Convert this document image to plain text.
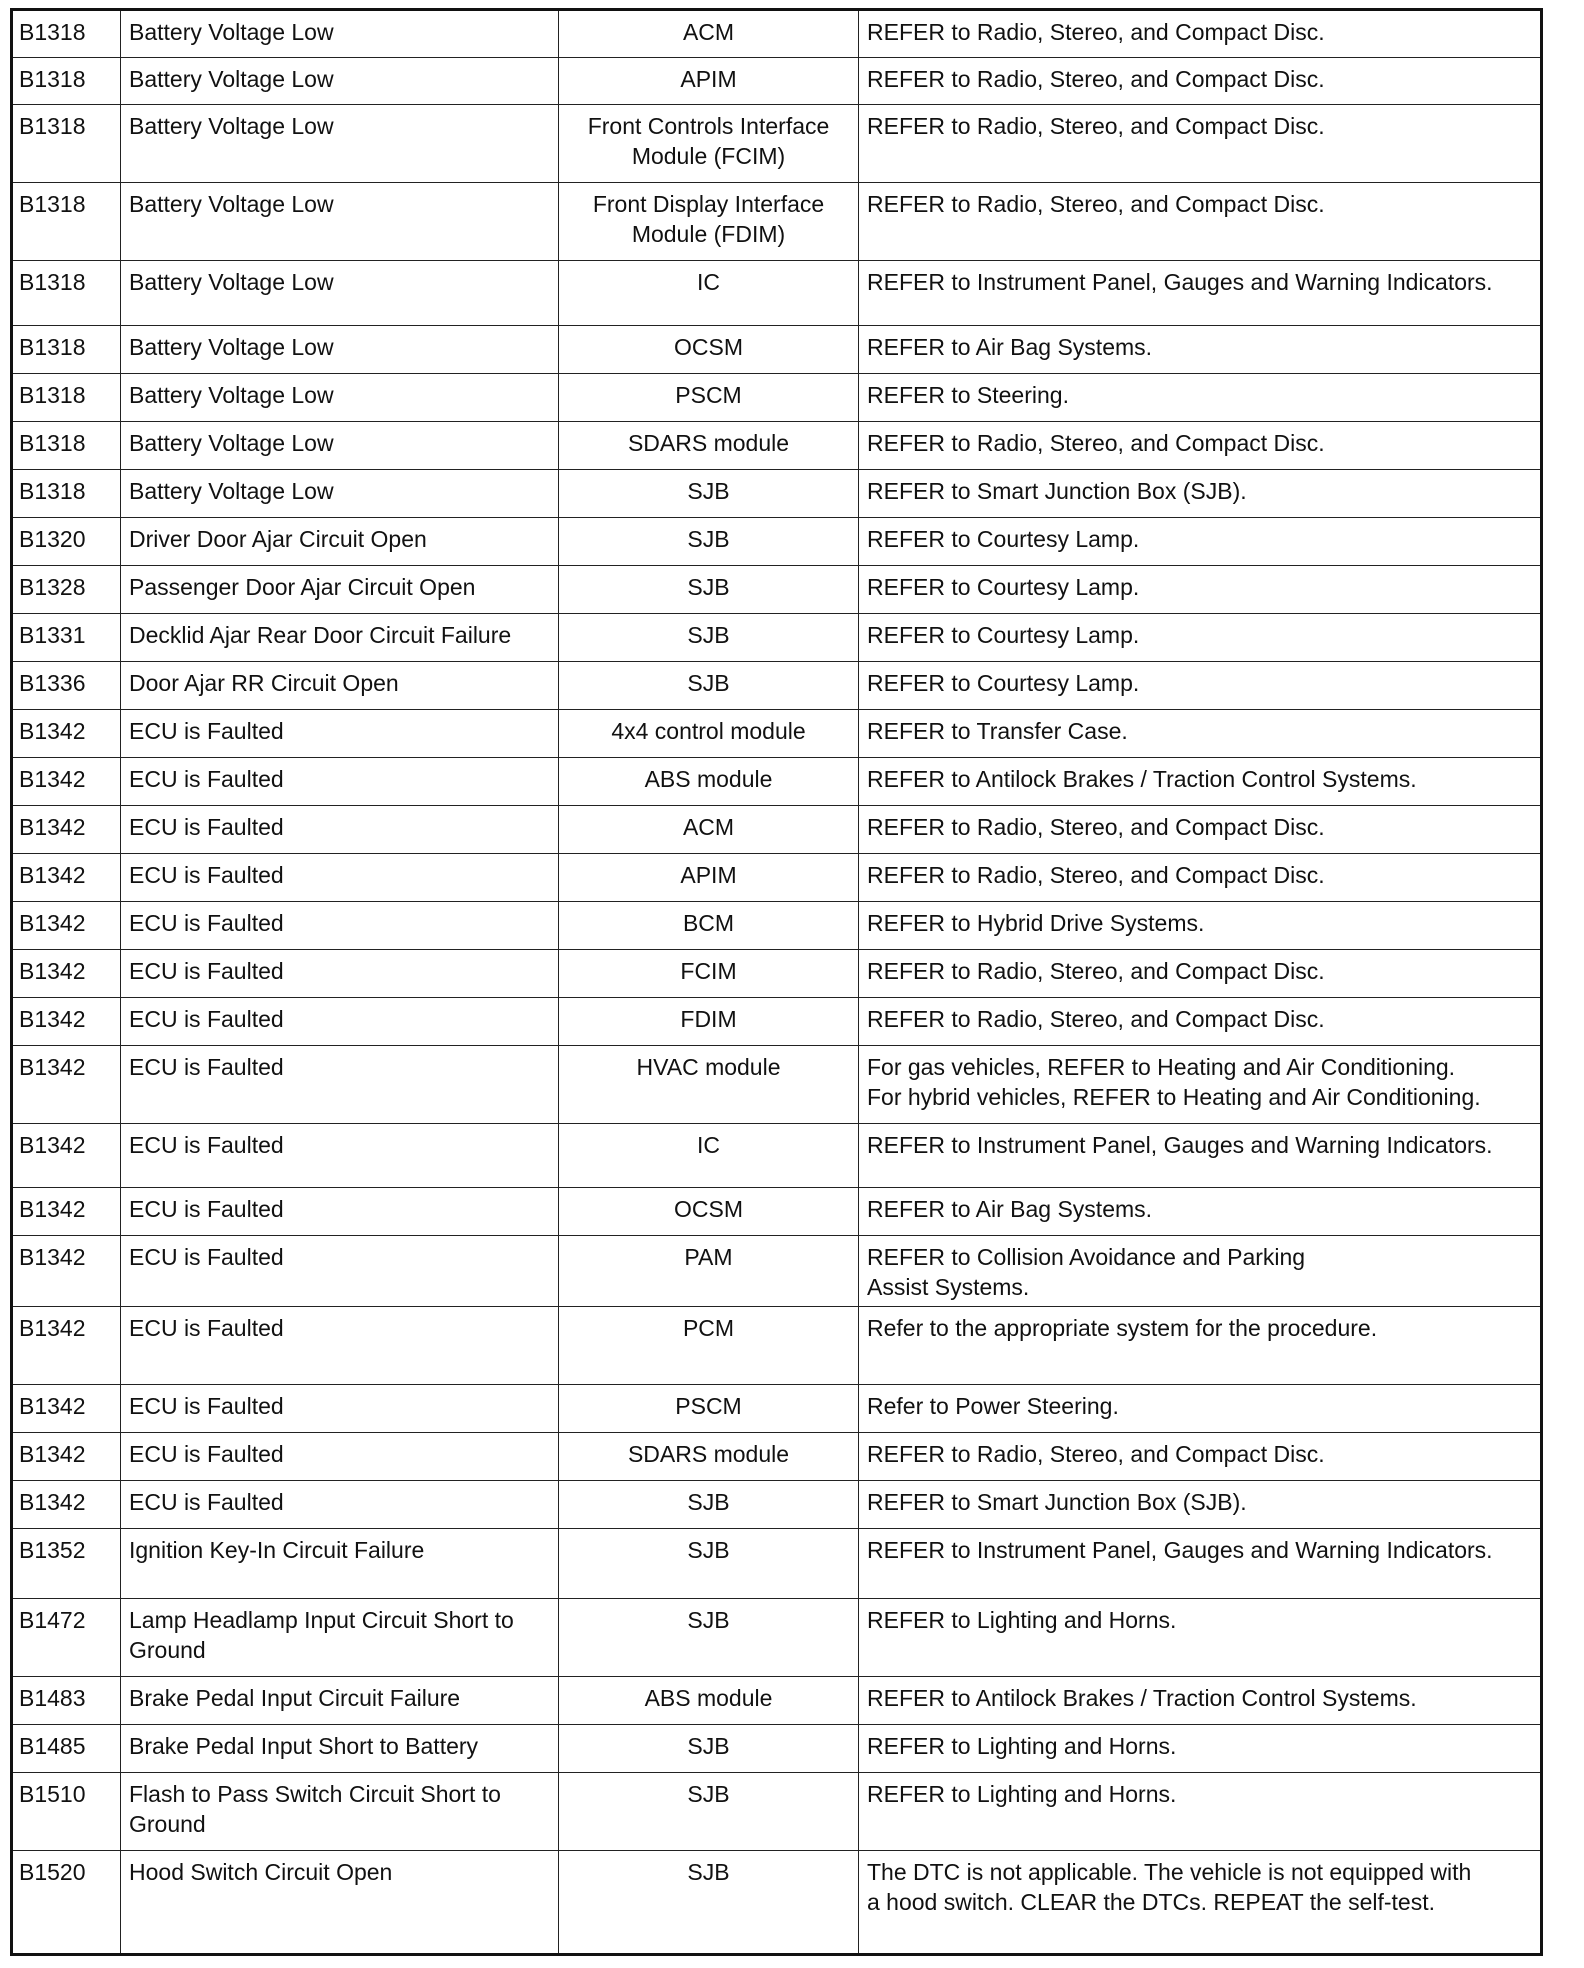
B1318	Battery Voltage Low	ACM	REFER to Radio, Stereo, and Compact Disc.
B1318	Battery Voltage Low	APIM	REFER to Radio, Stereo, and Compact Disc.
B1318	Battery Voltage Low	Front Controls Interface
Module (FCIM)	REFER to Radio, Stereo, and Compact Disc.
B1318	Battery Voltage Low	Front Display Interface
Module (FDIM)	REFER to Radio, Stereo, and Compact Disc.
B1318	Battery Voltage Low	IC	REFER to Instrument Panel, Gauges and Warning Indicators.
B1318	Battery Voltage Low	OCSM	REFER to Air Bag Systems.
B1318	Battery Voltage Low	PSCM	REFER to Steering.
B1318	Battery Voltage Low	SDARS module	REFER to Radio, Stereo, and Compact Disc.
B1318	Battery Voltage Low	SJB	REFER to Smart Junction Box (SJB).
B1320	Driver Door Ajar Circuit Open	SJB	REFER to Courtesy Lamp.
B1328	Passenger Door Ajar Circuit Open	SJB	REFER to Courtesy Lamp.
B1331	Decklid Ajar Rear Door Circuit Failure	SJB	REFER to Courtesy Lamp.
B1336	Door Ajar RR Circuit Open	SJB	REFER to Courtesy Lamp.
B1342	ECU is Faulted	4x4 control module	REFER to Transfer Case.
B1342	ECU is Faulted	ABS module	REFER to Antilock Brakes / Traction Control Systems.
B1342	ECU is Faulted	ACM	REFER to Radio, Stereo, and Compact Disc.
B1342	ECU is Faulted	APIM	REFER to Radio, Stereo, and Compact Disc.
B1342	ECU is Faulted	BCM	REFER to Hybrid Drive Systems.
B1342	ECU is Faulted	FCIM	REFER to Radio, Stereo, and Compact Disc.
B1342	ECU is Faulted	FDIM	REFER to Radio, Stereo, and Compact Disc.
B1342	ECU is Faulted	HVAC module	For gas vehicles, REFER to Heating and Air Conditioning.
For hybrid vehicles, REFER to Heating and Air Conditioning.
B1342	ECU is Faulted	IC	REFER to Instrument Panel, Gauges and Warning Indicators.
B1342	ECU is Faulted	OCSM	REFER to Air Bag Systems.
B1342	ECU is Faulted	PAM	REFER to Collision Avoidance and Parking
Assist Systems.
B1342	ECU is Faulted	PCM	Refer to the appropriate system for the procedure.
B1342	ECU is Faulted	PSCM	Refer to Power Steering.
B1342	ECU is Faulted	SDARS module	REFER to Radio, Stereo, and Compact Disc.
B1342	ECU is Faulted	SJB	REFER to Smart Junction Box (SJB).
B1352	Ignition Key-In Circuit Failure	SJB	REFER to Instrument Panel, Gauges and Warning Indicators.
B1472	Lamp Headlamp Input Circuit Short to
Ground	SJB	REFER to Lighting and Horns.
B1483	Brake Pedal Input Circuit Failure	ABS module	REFER to Antilock Brakes / Traction Control Systems.
B1485	Brake Pedal Input Short to Battery	SJB	REFER to Lighting and Horns.
B1510	Flash to Pass Switch Circuit Short to
Ground	SJB	REFER to Lighting and Horns.
B1520	Hood Switch Circuit Open	SJB	The DTC is not applicable. The vehicle is not equipped with
a hood switch. CLEAR the DTCs. REPEAT the self-test.
